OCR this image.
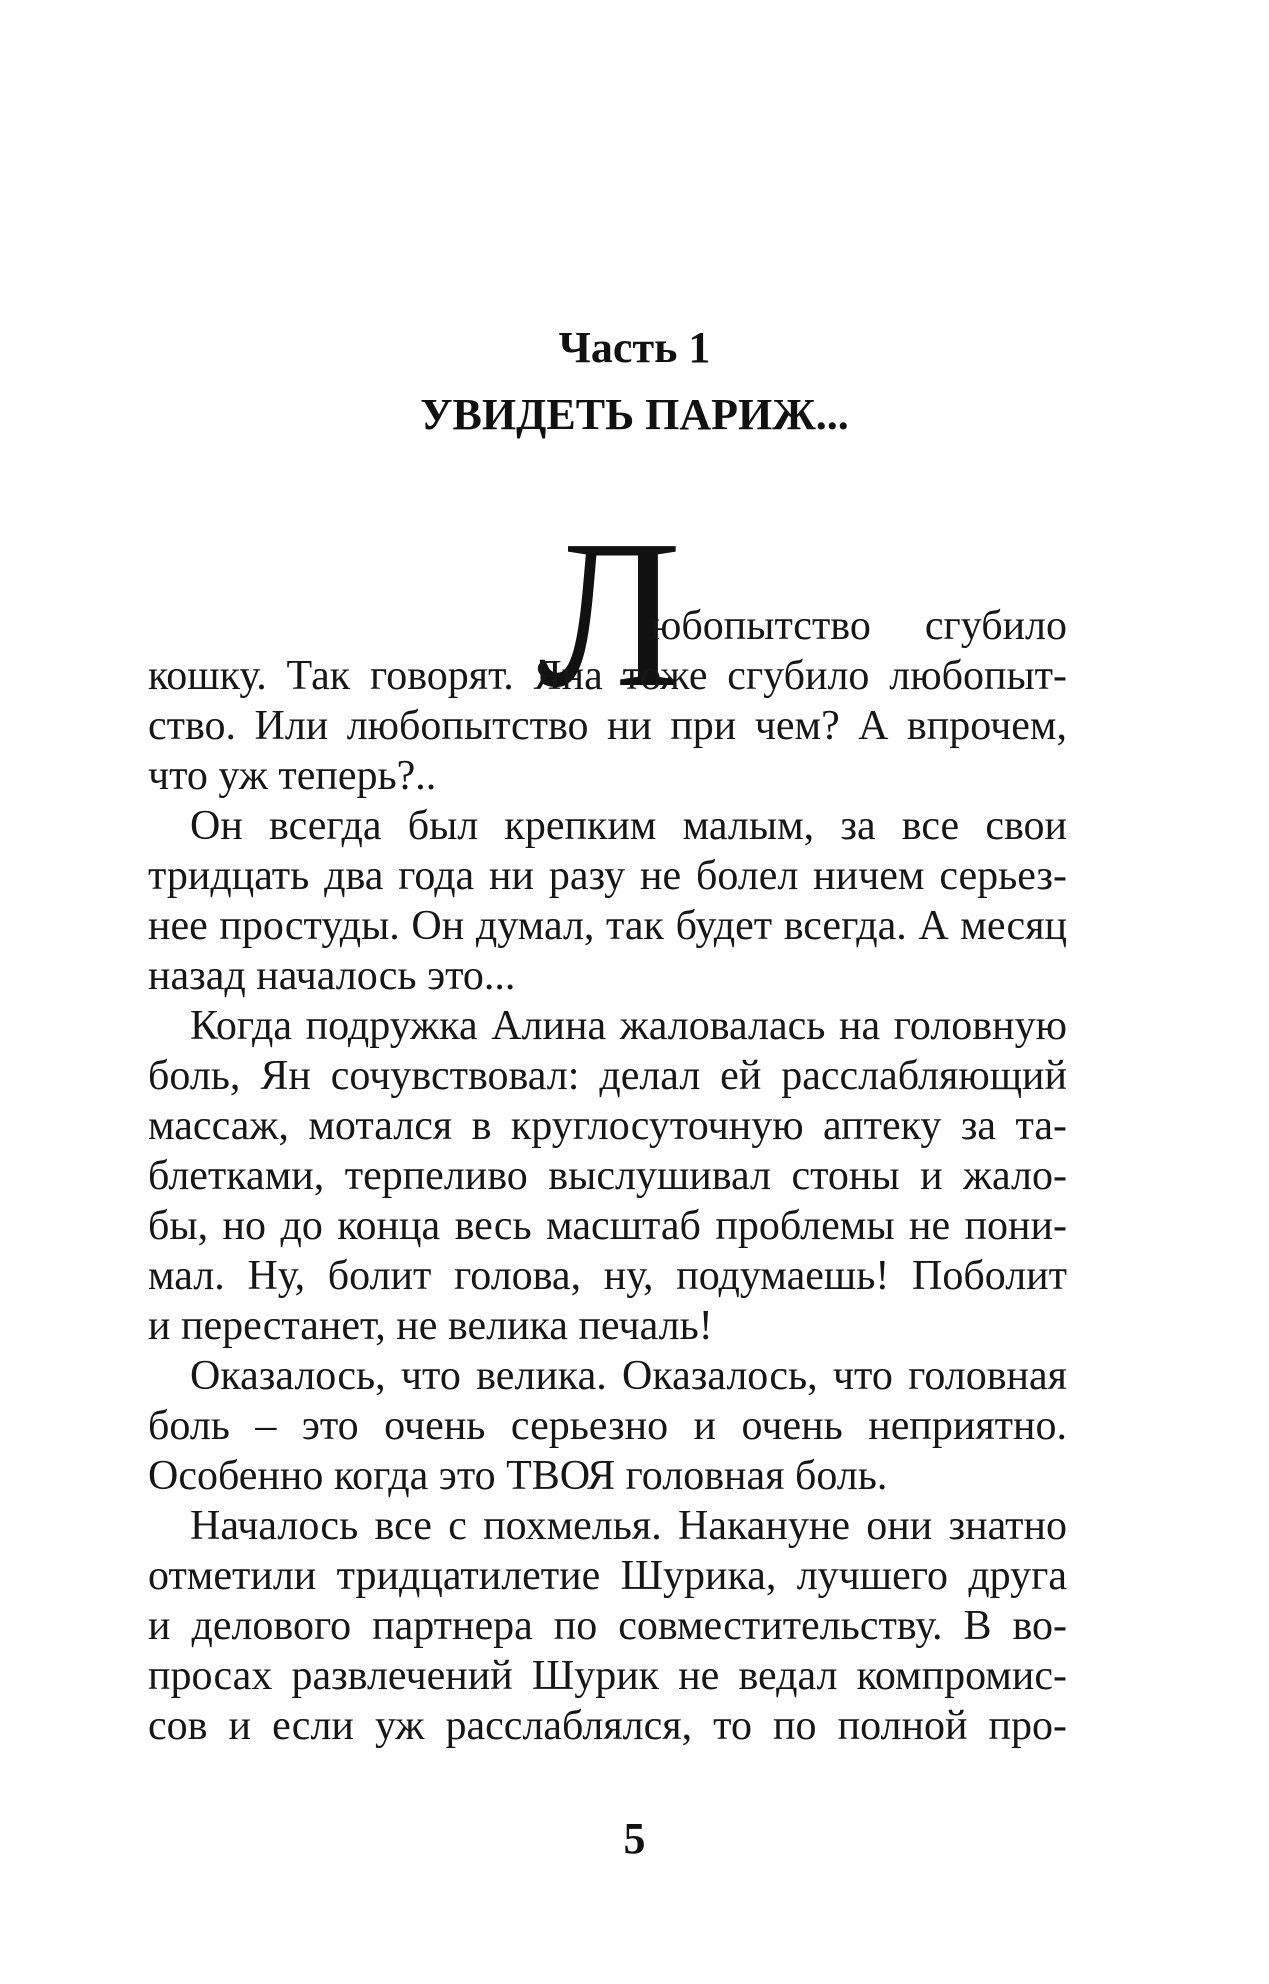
Часть 1
УВИДЕТЬ ПАРИЖ...
Л
юбопытство сгубило
кошку. Так говорят. Яна тоже сгубило любопыт-
ство. Или любопытство ни при чем? А впрочем,
что уж теперь?..
Он всегда был крепким малым, за все свои
тридцать два года ни разу не болел ничем серьез-
нее простуды. Он думал, так будет всегда. А месяц
назад началось это...
Когда подружка Алина жаловалась на головную
боль, Ян сочувствовал: делал ей расслабляющий
массаж, мотался в круглосуточную аптеку за та-
блетками, терпеливо выслушивал стоны и жало-
бы, но до конца весь масштаб проблемы не пони-
мал. Ну, болит голова, ну, подумаешь! Поболит
и перестанет, не велика печаль!
Оказалось, что велика. Оказалось, что головная
боль – это очень серьезно и очень неприятно.
Особенно когда это ТВОЯ головная боль.
Началось все с похмелья. Накануне они знатно
отметили тридцатилетие Шурика, лучшего друга
и делового партнера по совместительству. В во-
просах развлечений Шурик не ведал компромис-
сов и если уж расслаблялся, то по полной про-
5
